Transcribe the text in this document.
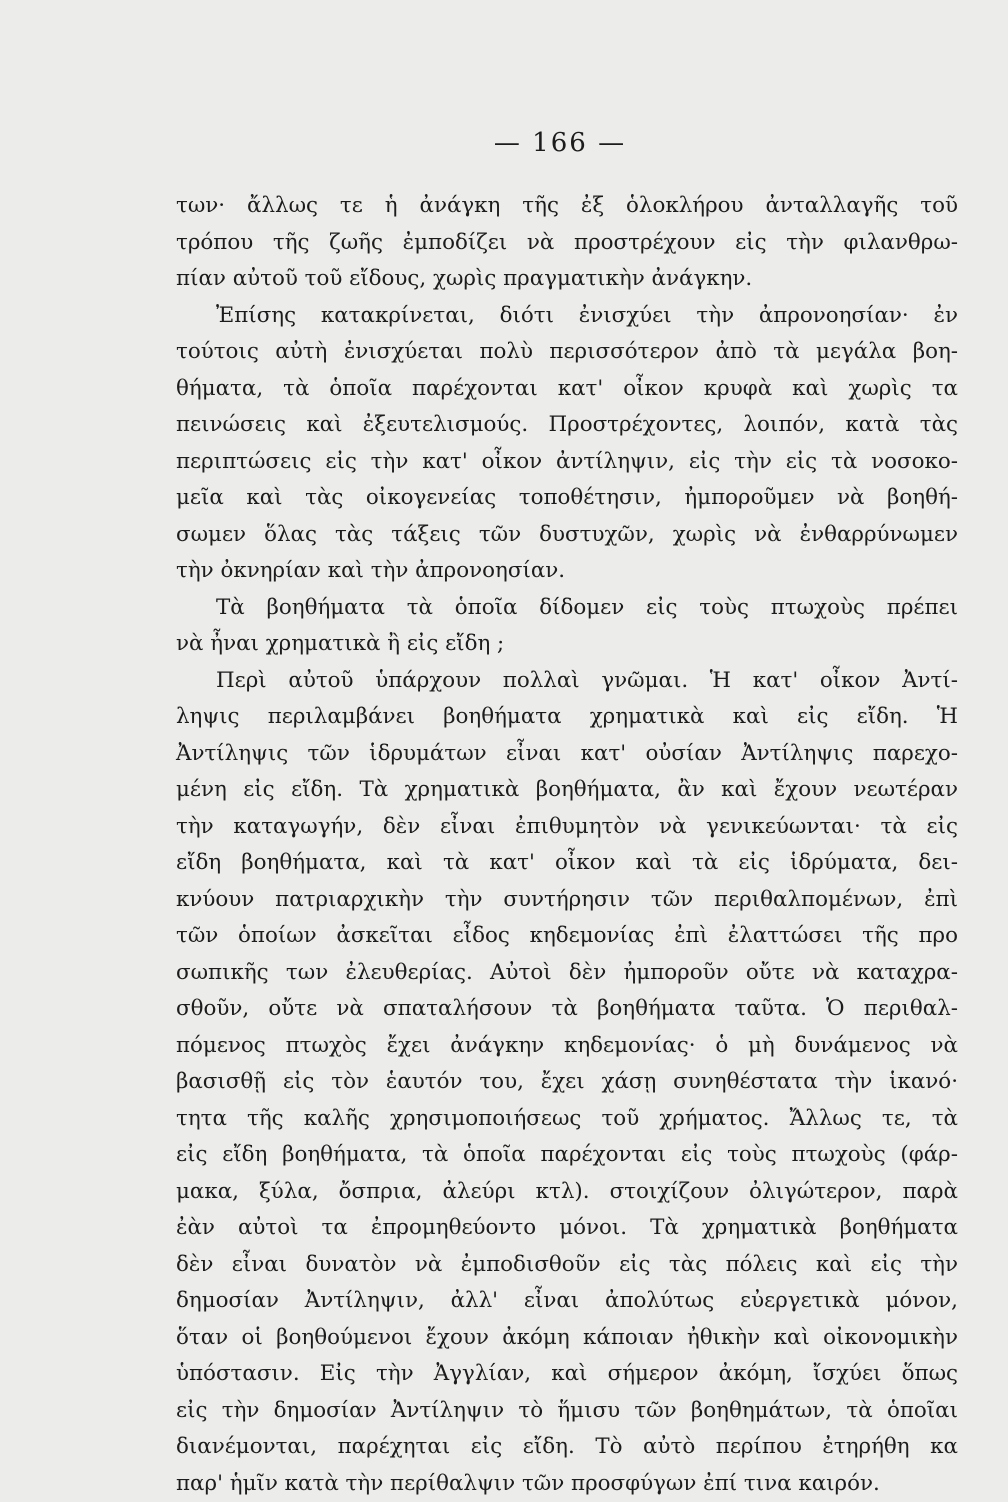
— 166 —
των· ἄλλως τε ἡ ἀνάγκη τῆς ἐξ ὁλοκλήρου ἀνταλλαγῆς τοῦ
τρόπου τῆς ζωῆς ἐμποδίζει νὰ προστρέχουν εἰς τὴν φιλανθρω-
πίαν αὐτοῦ τοῦ εἴδους, χωρὶς πραγματικὴν ἀνάγκην.
Ἐπίσης κατακρίνεται, διότι ἐνισχύει τὴν ἀπρονοησίαν· ἐν
τούτοις αὐτὴ ἐνισχύεται πολὺ περισσότερον ἀπὸ τὰ μεγάλα βοη-
θήματα, τὰ ὁποῖα παρέχονται κατ' οἶκον κρυφὰ καὶ χωρὶς τα
πεινώσεις καὶ ἐξευτελισμούς. Προστρέχοντες, λοιπόν, κατὰ τὰς
περιπτώσεις εἰς τὴν κατ' οἶκον ἀντίληψιν, εἰς τὴν εἰς τὰ νοσοκο-
μεῖα καὶ τὰς οἰκογενείας τοποθέτησιν, ἠμποροῦμεν νὰ βοηθή-
σωμεν ὅλας τὰς τάξεις τῶν δυστυχῶν, χωρὶς νὰ ἐνθαρρύνωμεν
τὴν ὀκνηρίαν καὶ τὴν ἀπρονοησίαν.
Τὰ βοηθήματα τὰ ὁποῖα δίδομεν εἰς τοὺς πτωχοὺς πρέπει
νὰ ἦναι χρηματικὰ ἢ εἰς εἴδη ;
Περὶ αὐτοῦ ὑπάρχουν πολλαὶ γνῶμαι. Ἡ κατ' οἶκον Ἀντί-
ληψις περιλαμβάνει βοηθήματα χρηματικὰ καὶ εἰς εἴδη. Ἡ
Ἀντίληψις τῶν ἱδρυμάτων εἶναι κατ' οὐσίαν Ἀντίληψις παρεχο-
μένη εἰς εἴδη. Τὰ χρηματικὰ βοηθήματα, ἂν καὶ ἔχουν νεωτέραν
τὴν καταγωγήν, δὲν εἶναι ἐπιθυμητὸν νὰ γενικεύωνται· τὰ εἰς
εἴδη βοηθήματα, καὶ τὰ κατ' οἶκον καὶ τὰ εἰς ἱδρύματα, δει-
κνύουν πατριαρχικὴν τὴν συντήρησιν τῶν περιθαλπομένων, ἐπὶ
τῶν ὁποίων ἀσκεῖται εἶδος κηδεμονίας ἐπὶ ἐλαττώσει τῆς προ
σωπικῆς των ἐλευθερίας. Αὐτοὶ δὲν ἠμποροῦν οὔτε νὰ καταχρα-
σθοῦν, οὔτε νὰ σπαταλήσουν τὰ βοηθήματα ταῦτα. Ὁ περιθαλ-
πόμενος πτωχὸς ἔχει ἀνάγκην κηδεμονίας· ὁ μὴ δυνάμενος νὰ
βασισθῇ εἰς τὸν ἑαυτόν του, ἔχει χάσῃ συνηθέστατα τὴν ἱκανό·
τητα τῆς καλῆς χρησιμοποιήσεως τοῦ χρήματος. Ἄλλως τε, τὰ
εἰς εἴδη βοηθήματα, τὰ ὁποῖα παρέχονται εἰς τοὺς πτωχοὺς (φάρ-
μακα, ξύλα, ὄσπρια, ἀλεύρι κτλ). στοιχίζουν ὀλιγώτερον, παρὰ
ἐὰν αὐτοὶ τα ἐπρομηθεύοντο μόνοι. Τὰ χρηματικὰ βοηθήματα
δὲν εἶναι δυνατὸν νὰ ἐμποδισθοῦν εἰς τὰς πόλεις καὶ εἰς τὴν
δημοσίαν Ἀντίληψιν, ἀλλ' εἶναι ἀπολύτως εὐεργετικὰ μόνον,
ὅταν οἱ βοηθούμενοι ἔχουν ἀκόμη κάποιαν ἠθικὴν καὶ οἰκονομικὴν
ὑπόστασιν. Εἰς τὴν Ἀγγλίαν, καὶ σήμερον ἀκόμη, ἴσχύει ὅπως
εἰς τὴν δημοσίαν Ἀντίληψιν τὸ ἥμισυ τῶν βοηθημάτων, τὰ ὁποῖαι
διανέμονται, παρέχηται εἰς εἴδη. Τὸ αὐτὸ περίπου ἐτηρήθη κα
παρ' ἡμῖν κατὰ τὴν περίθαλψιν τῶν προσφύγων ἐπί τινα καιρόν.
